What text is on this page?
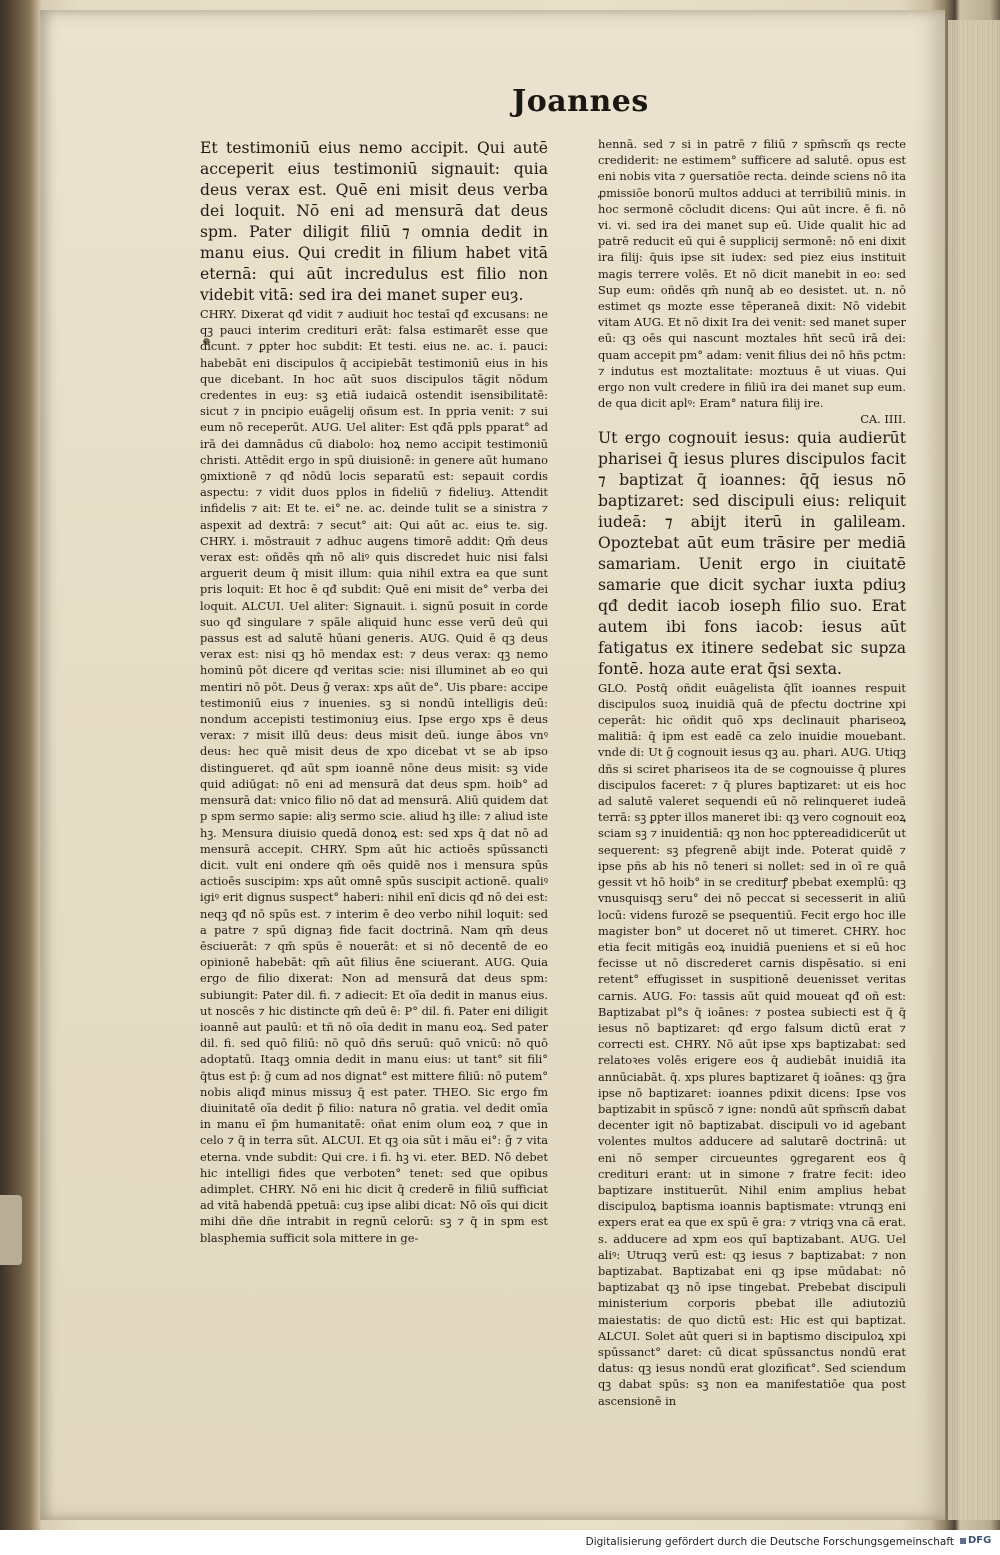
Joannes

Et testimoniū eius nemo accipit. Qui autē acceperit eius testimoniū signauit: quia deus verax est. Quē eni misit deus verba dei loquit. Nō eni ad mensurā dat deus spm. Pater diligit filiū ⁊ omnia dedit in manu eius. Qui credit in filium habet vitā eternā: qui aūt incredulus est filio non videbit vitā: sed ira dei manet super euȝ.

CHRY. Dixerat qđ vidit ⁊ audiuit hoc testaī qđ excusans: ne qꝫ pauci interim credituri erāt: falsa estimarēt esse que dicunt. ⁊ ꝑpter hoc subdit: Et testi. eius ne. ac. i. pauci: habebāt eni discipulos q̄ accipiebāt testimoniū eius in his que dicebant. In hoc aūt suos discipulos tāgit nōdum credentes in euȝ: sꝫ etiā iudaicā ostendit isensibilitatē: sicut ⁊ in pncipio euāgelij oñsum est. In ppria venit: ⁊ sui eum nō receperūt. AUG. Uel aliter: Est qđā ppls pparat° ad irā dei damnādus cū diabolo: hoꝝ nemo accipit testimoniū christi. Attēdit ergo in spū diuisionē: in genere aūt humano ꝯmixtionē ⁊ qđ nōdū locis separatū est: sepauit cordis aspectu: ⁊ vidit duos pplos in fideliū ⁊ fideliuȝ. Attendit infidelis ⁊ ait: Et te. ei° ne. ac. deinde tulit se a sinistra ⁊ aspexit ad dextrā: ⁊ secut° ait: Qui aūt ac. eius te. sig. CHRY. i. mōstrauit ⁊ adhuc augens timorē addit: Qm̄ deus verax est: oñdēs qm̄ nō aliꝰ quis discredet huic nisi falsi arguerit deum q̄ misit illum: quia nihil extra ea que sunt pris loquit: Et hoc ē qđ subdit: Quē eni misit de° verba dei loquit. ALCUI. Uel aliter: Signauit. i. signū posuit in corde suo qđ singulare ⁊ spāle aliquid hunc esse verū deū qui passus est ad salutē hūani generis. AUG. Quid ē qꝫ deus verax est: nisi qꝫ hō mendax est: ⁊ deus verax: qꝫ nemo hominū pōt dicere qđ veritas scie: nisi illuminet ab eo qui mentiri nō pōt. Deus ḡ verax: xps aūt de°. Uis pbare: accipe testimoniū eius ⁊ inuenies. sꝫ si nondū intelligis deū: nondum accepisti testimoniuȝ eius. Ipse ergo xps ē deus verax: ⁊ misit illū deus: deus misit deū. iunge ābos vnꝰ deus: hec quē misit deus de xpo dicebat vt se ab ipso distingueret. qđ aūt spm ioannē nōne deus misit: sꝫ vide quid adiūgat: nō eni ad mensurā dat deus spm. hoib° ad mensurā dat: vnico filio nō dat ad mensurā. Aliū quidem dat p spm sermo sapie: aliȝ sermo scie. aliud hꝫ ille: ⁊ aliud iste hꝫ. Mensura diuisio quedā donoꝝ est: sed xps q̄ dat nō ad mensurā accepit. CHRY. Spm aūt hic actioēs spūssancti dicit. vult eni ondere qm̄ oēs quidē nos i mensura spūs actioēs suscipim: xps aūt omnē spūs suscipit actionē. qualiꝰ igiꝰ erit dignus suspect° haberi: nihil enī dicis qđ nō dei est: neqꝫ qđ nō spūs est. ⁊ interim ē deo verbo nihil loquit: sed a patre ⁊ spū dignaȝ fide facit doctrinā. Nam qm̄ deus ēsciuerāt: ⁊ qm̄ spūs ē nouerāt: et si nō decentē de eo opinionē habebāt: qm̄ aūt filius ēne sciuerant. AUG. Quia ergo de filio dixerat: Non ad mensurā dat deus spm: subiungit: Pater dil. fi. ⁊ adiecit: Et oīa dedit in manus eius. ut noscēs ⁊ hic distincte qm̄ deū ē: P° dil. fi. Pater eni diligit ioannē aut paulū: et tñ nō oīa dedit in manu eoꝝ. Sed pater dil. fi. sed quō filiū: nō quō dñs seruū: quō vnicū: nō quō adoptatū. Itaqꝫ omnia dedit in manu eius: ut tant° sit fili° q̄tus est p̄: ḡ cum ad nos dignat° est mittere filiū: nō putem° nobis aliqđ minus missuȝ q̄ est pater. THEO. Sic ergo fm diuinitatē oīa dedit p̄ filio: natura nō gratia. vel dedit omīa in manu eī p̄m humanitatē: oñat enim olum eoꝝ ⁊ que in celo ⁊ q̄ in terra sūt. ALCUI. Et qꝫ oia sūt i mău ei°: ḡ ⁊ vita eterna. vnde subdit: Qui cre. i fi. hꝫ vi. eter. BED. Nō debet hic intelligi fides que verboten° tenet: sed que opibus adimplet. CHRY. Nō eni hic dicit q̄ crederē in filiū sufficiat ad vitā habendā ppetuā: cuȝ ipse alibi dicat: Nō oīs qui dicit mihi dñe dñe intrabit in regnū celorū: sꝫ ⁊ q̄ in spm est blasphemia sufficit sola mittere in ge-

hennā. sed ⁊ si in patrē ⁊ filiū ⁊ spm̄scm̄ qs recte crediderit: ne estimem° sufficere ad salutē. opus est eni nobis vita ⁊ ꝯuersatiōe recta. deinde sciens nō ita ꝓmissiōe bonorū multos adduci at terribiliū minis. in hoc sermonē cōcludit dicens: Qui aūt incre. ē fi. nō vi. vi. sed ira dei manet sup eū. Uide qualit hic ad patrē reducit eū qui ē supplicij sermonē: nō eni dixit ira filij: q̄uis ipse sit iudex: sed piez eius instituit magis terrere volēs. Et nō dicit manebit in eo: sed Sup eum: oñdēs qm̄ nunq̄ ab eo desistet. ut. n. nō estimet qs mozte esse tēperaneā dixit: Nō videbit vitam AUG. Et nō dixit Ira dei venit: sed manet super eū: qꝫ oēs qui nascunt moztales hñt secū irā dei: quam accepit pm° adam: venit filius dei nō hñs pctm: ⁊ indutus est moztalitate: moztuus ē ut viuas. Qui ergo non vult credere in filiū ira dei manet sup eum. de qua dicit aplꝰ: Eram° natura filij ire.

CA. IIII.

Ut ergo cognouit iesus: quia audierūt pharisei q̄ iesus plures discipulos facit ⁊ baptizat q̄ ioannes: q̄q̄ iesus nō baptizaret: sed discipuli eius: reliquit iudeā: ⁊ abijt iterū in galileam. Opoztebat aūt eum trāsire per mediā samariam. Uenit ergo in ciuitatē samarie que dicit sychar iuxta pdiuȝ qđ dedit iacob ioseph filio suo. Erat autem ibi fons iacob: iesus aūt fatigatus ex itinere sedebat sic supza fontē. hoza aute erat q̄si sexta.

GLO. Postq̄ oñdit euāgelista q̄līt ioannes respuit discipulos suoꝝ inuidiā quā de pfectu doctrine xpi ceperāt: hic oñdit quō xps declinauit phariseoꝝ malitiā: q̄ ipm est eadē ca zelo inuidie mouebant. vnde di: Ut ḡ cognouit iesus qꝫ au. phari. AUG. Utiqꝫ dñs si sciret phariseos ita de se cognouisse q̄ plures discipulos faceret: ⁊ q̄ plures baptizaret: ut eis hoc ad salutē valeret sequendi eū nō relinqueret iudeā terrā: sꝫ ꝑpter illos maneret ibi: qꝫ vero cognouit eoꝝ sciam sꝫ ⁊ inuidentiā: qꝫ non hoc pptereadidicerūt ut sequerent: sꝫ pfegrenē abijt inde. Poterat quidē ⁊ ipse pñs ab his nō teneri si nollet: sed in oī re quā gessit vt hō hoib° in se crediturꝭ pbebat exemplū: qꝫ vnusquisqꝫ seru° dei nō peccat si secesserit in aliū locū: videns furozē se psequentiū. Fecit ergo hoc ille magister bon° ut doceret nō ut timeret. CHRY. hoc etia fecit mitigās eoꝝ inuidiā pueniens et si eū hoc fecisse ut nō discrederet carnis dispēsatio. si eni retent° effugisset in suspitionē deuenisset veritas carnis. AUG. Fo: tassis aūt quid moueat qđ oñ est: Baptizabat pl°s q̄ ioānes: ⁊ postea subiecti est q̄ q̄ iesus nō baptizaret: qđ ergo falsum dictū erat ⁊ correcti est. CHRY. Nō aūt ipse xps baptizabat: sed relatoꝛes volēs erigere eos q̄ audiebāt inuidiā ita annūciabāt. q̄. xps plures baptizaret q̄ ioānes: qꝫ ḡra ipse nō baptizaret: ioannes pdixit dicens: Ipse vos baptizabit in spūscō ⁊ igne: nondū aūt spm̄scm̄ dabat decenter igit nō baptizabat. discipuli vo id agebant volentes multos adducere ad salutarē doctrinā: ut eni nō semper circueuntes ꝯgregarent eos q̄ credituri erant: ut in simone ⁊ fratre fecit: ideo baptizare instituerūt. Nihil enim amplius hebat discipuloꝝ baptisma ioannis baptismate: vtrunqꝫ eni expers erat ea que ex spū ē gra: ⁊ vtriqꝫ vna cā erat. s. adducere ad xpm eos quī baptizabant. AUG. Uel aliꝰ: Utruqꝫ verū est: qꝫ iesus ⁊ baptizabat: ⁊ non baptizabat. Baptizabat eni qꝫ ipse mūdabat: nō baptizabat qꝫ nō ipse tingebat. Prebebat discipuli ministerium corporis pbebat ille adiutoziū maiestatis: de quo dictū est: Hic est qui baptizat. ALCUI. Solet aūt queri si in baptismo discipuloꝝ xpi spūssanct° daret: cū dicat spūssanctus nondū erat datus: qꝫ iesus nondū erat glozificat°. Sed sciendum qꝫ dabat spūs: sꝫ non ea manifestatiōe qua post ascensionē in

Digitalisierung gefördert durch die Deutsche Forschungsgemeinschaft DFG
